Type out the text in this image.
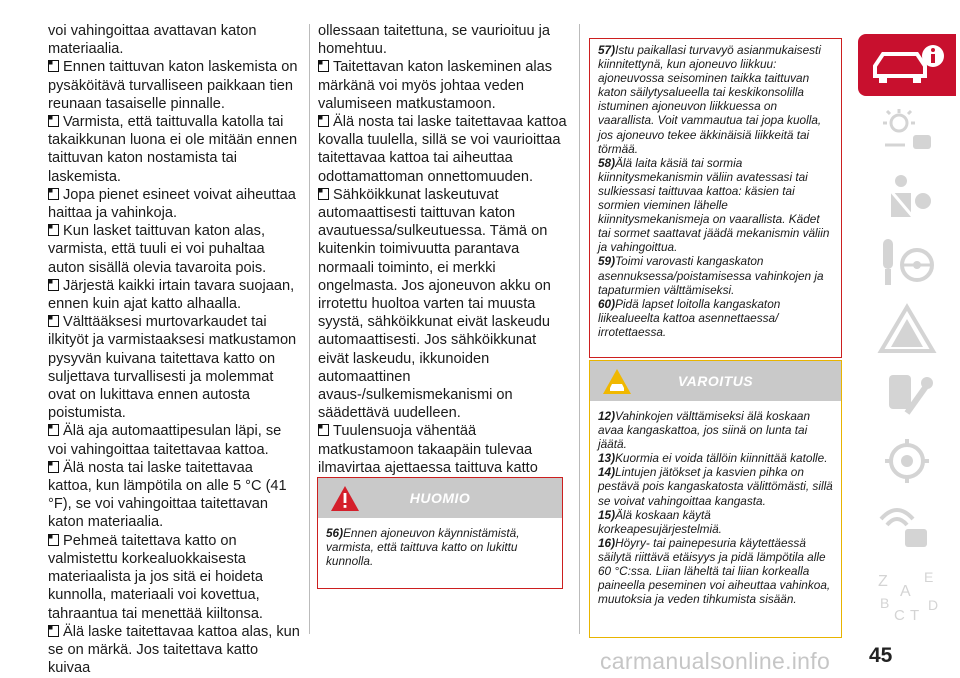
voi vahingoittaa avattavan katon materiaalia.

Ennen taittuvan katon laskemista on pysäköitävä turvalliseen paikkaan tien reunaan tasaiselle pinnalle.

Varmista, että taittuvalla katolla tai takaikkunan luona ei ole mitään ennen taittuvan katon nostamista tai laskemista.

Jopa pienet esineet voivat aiheuttaa haittaa ja vahinkoja.

Kun lasket taittuvan katon alas, varmista, että tuuli ei voi puhaltaa auton sisällä olevia tavaroita pois.

Järjestä kaikki irtain tavara suojaan, ennen kuin ajat katto alhaalla.

Välttääksesi murtovarkaudet tai ilkityöt ja varmistaaksesi matkustamon pysyvän kuivana taitettava katto on suljettava turvallisesti ja molemmat ovat on lukittava ennen autosta poistumista.

Älä aja automaattipesulan läpi, se voi vahingoittaa taitettavaa kattoa.

Älä nosta tai laske taitettavaa kattoa, kun lämpötila on alle 5 °C (41 °F), se voi vahingoittaa taitettavan katon materiaalia.

Pehmeä taitettava katto on valmistettu korkealuokkaisesta materiaalista ja jos sitä ei hoideta kunnolla, materiaali voi kovettua, tahraantua tai menettää kiiltonsa.

Älä laske taitettavaa kattoa alas, kun se on märkä. Jos taitettava katto kuivaa

ollessaan taitettuna, se vaurioituu ja homehtuu.

Taitettavan katon laskeminen alas märkänä voi myös johtaa veden valumiseen matkustamoon.

Älä nosta tai laske taitettavaa kattoa kovalla tuulella, sillä se voi vaurioittaa taitettavaa kattoa tai aiheuttaa odottamattoman onnettomuuden.

Sähköikkunat laskeutuvat automaattisesti taittuvan katon avautuessa/sulkeutuessa. Tämä on kuitenkin toimivuutta parantava normaali toiminto, ei merkki ongelmasta. Jos ajoneuvon akku on irrotettu huoltoa varten tai muusta syystä, sähköikkunat eivät laskeudu automaattisesti. Jos sähköikkunat eivät laskeudu, ikkunoiden automaattinen avaus-/sulkemismekanismi on säädettävä uudelleen.

Tuulensuoja vähentää matkustamoon takaapäin tulevaa ilmavirtaa ajettaessa taittuva katto

HUOMIO

56)Ennen ajoneuvon käynnistämistä, varmista, että taittuva katto on lukittu kunnolla.

57)Istu paikallasi turvavyö asianmukaisesti kiinnitettynä, kun ajoneuvo liikkuu: ajoneuvossa seisominen taikka taittuvan katon säilytysalueella tai keskikonsolilla istuminen ajoneuvon liikkuessa on vaarallista. Voit vammautua tai jopa kuolla, jos ajoneuvo tekee äkkinäisiä liikkeitä tai törmää.

58)Älä laita käsiä tai sormia kiinnitysmekanismin väliin avatessasi tai sulkiessasi taittuvaa kattoa: käsien tai sormien vieminen lähelle kiinnitysmekanismeja on vaarallista. Kädet tai sormet saattavat jäädä mekanismin väliin ja vahingoittua.

59)Toimi varovasti kangaskaton asennuksessa/poistamisessa vahinkojen ja tapaturmien välttämiseksi.

60)Pidä lapset loitolla kangaskaton liikealueelta kattoa asennettaessa/ irrotettaessa.

VAROITUS

12)Vahinkojen välttämiseksi älä koskaan avaa kangaskattoa, jos siinä on lunta tai jäätä.

13)Kuormia ei voida tällöin kiinnittää katolle.

14)Lintujen jätökset ja kasvien pihka on pestävä pois kangaskatosta välittömästi, sillä se voivat vahingoittaa kangasta.

15)Älä koskaan käytä korkeapesujärjestelmiä.

16)Höyry- tai painepesuria käytettäessä säilytä riittävä etäisyys ja pidä lämpötila alle 60 °C:ssa. Liian läheltä tai liian korkealla paineella peseminen voi aiheuttaa vahinkoa, muutoksia ja veden tihkumista sisään.

Z	E
A
B
C T
D
carmanualsonline.info 45
